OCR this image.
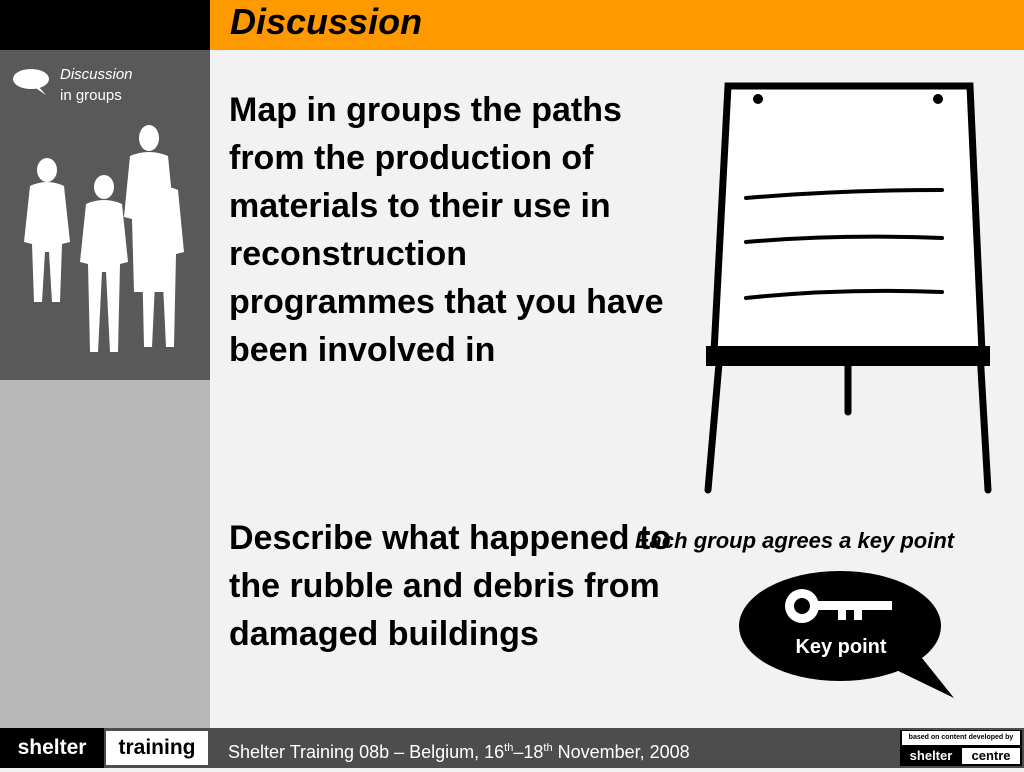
Discussion
Discussion
in groups	Map in groups the paths from the production of materials to their use in reconstruction programmes that you have been involved in
Describe what happened to the rubble and debris from damaged buildings
Each group agrees a key point
Key point
shelter	training	Shelter Training 08b – Belgium, 16th–18th November, 2008
based on content developed by
shelter	centre
